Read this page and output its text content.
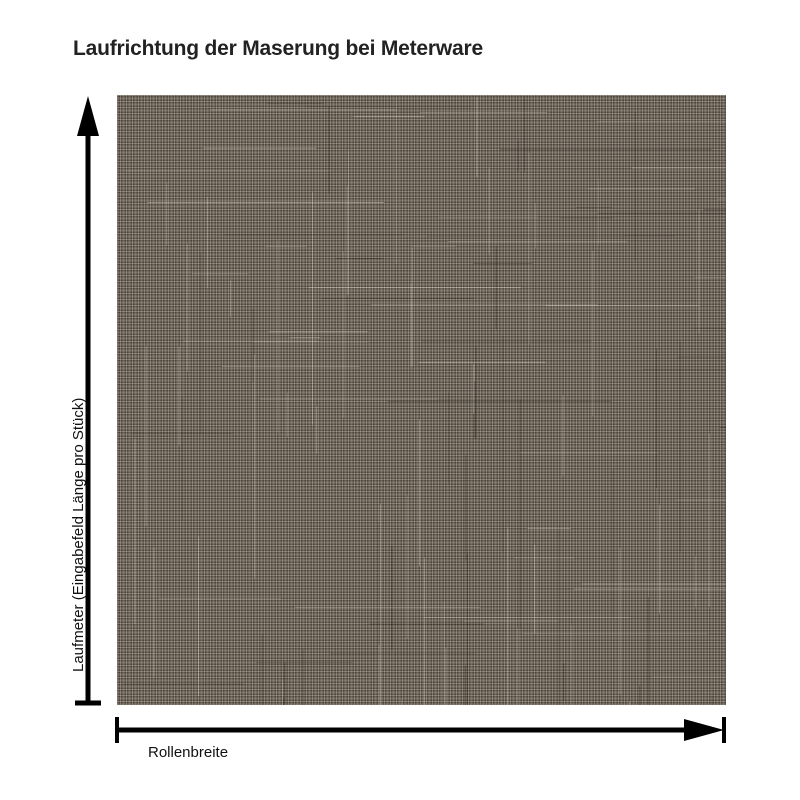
Laufrichtung der Maserung bei Meterware
Laufmeter (Eingabefeld Länge pro Stück)
Rollenbreite
